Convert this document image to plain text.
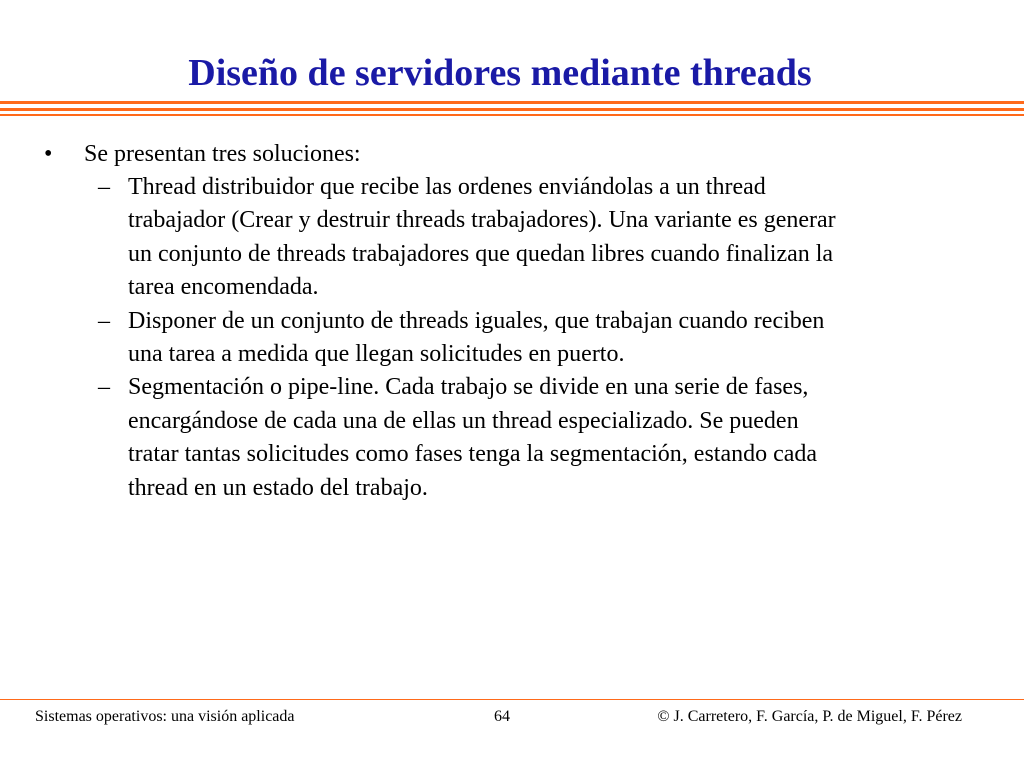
Diseño de servidores mediante threads
• Se presentan tres soluciones:
– Thread distribuidor que recibe las ordenes enviándolas a un thread
trabajador (Crear y destruir threads trabajadores). Una variante es generar
un conjunto de threads trabajadores que quedan libres cuando finalizan la
tarea encomendada.
– Disponer de un conjunto de threads iguales, que trabajan cuando reciben
una tarea a medida que llegan solicitudes en puerto.
– Segmentación o pipe-line. Cada trabajo se divide en una serie de fases,
encargándose de cada una de ellas un thread especializado. Se pueden
tratar tantas solicitudes como fases tenga la segmentación, estando cada
thread en un estado del trabajo.
Sistemas operativos: una visión aplicada	64	© J. Carretero, F. García, P. de Miguel, F. Pérez
